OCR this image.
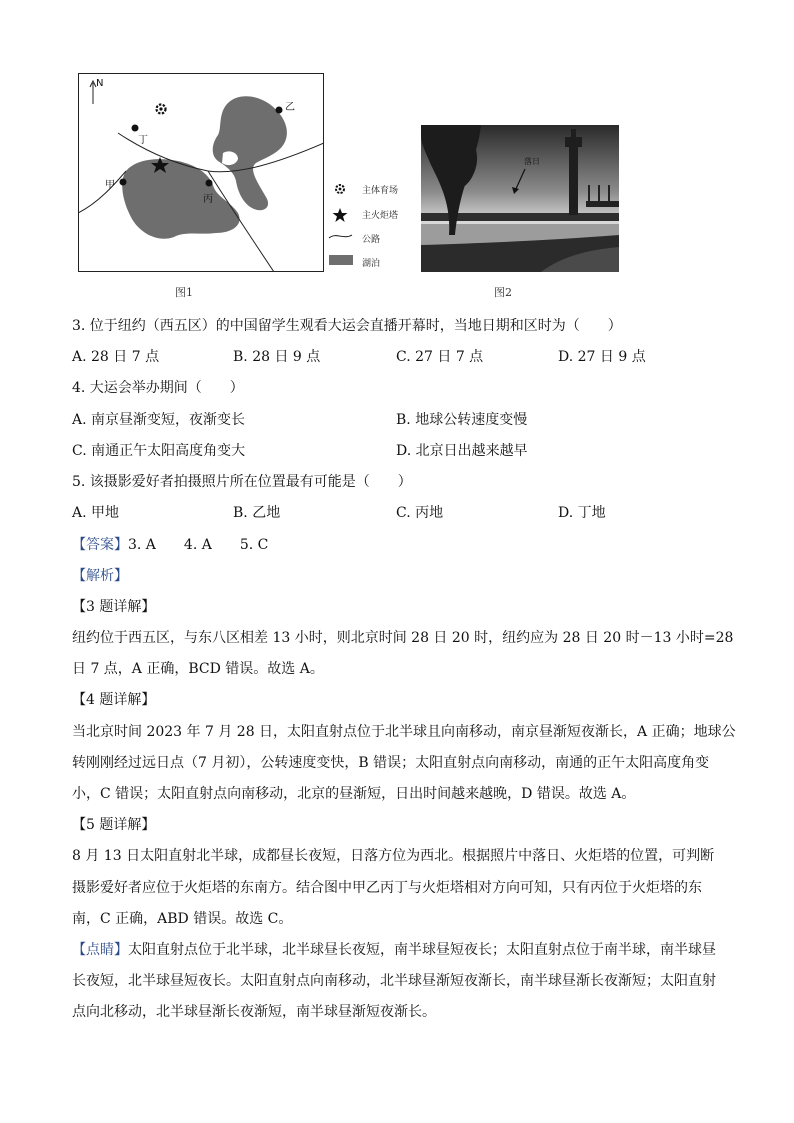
N
丁
乙
甲
丙
主体育场
主火炬塔
公路
湖泊
图1
落日
图2
3. 位于纽约（西五区）的中国留学生观看大运会直播开幕时，当地日期和区时为（　　）
A. 28 日 7 点	B. 28 日 9 点	C. 27 日 7 点	D. 27 日 9 点
4. 大运会举办期间（　　）
A. 南京昼渐变短，夜渐变长	B. 地球公转速度变慢
C. 南通正午太阳高度角变大	D. 北京日出越来越早
5. 该摄影爱好者拍摄照片所在位置最有可能是（　　）
A. 甲地	B. 乙地	C. 丙地	D. 丁地
【答案】3. A　　4. A　　5. C
【解析】
【3 题详解】
纽约位于西五区，与东八区相差 13 小时，则北京时间 28 日 20 时，纽约应为 28 日 20 时－13 小时=28
日 7 点，A 正确，BCD 错误。故选 A。
【4 题详解】
当北京时间 2023 年 7 月 28 日，太阳直射点位于北半球且向南移动，南京昼渐短夜渐长，A 正确；地球公
转刚刚经过远日点（7 月初），公转速度变快，B 错误；太阳直射点向南移动，南通的正午太阳高度角变
小，C 错误；太阳直射点向南移动，北京的昼渐短，日出时间越来越晚，D 错误。故选 A。
【5 题详解】
8 月 13 日太阳直射北半球，成都昼长夜短，日落方位为西北。根据照片中落日、火炬塔的位置，可判断
摄影爱好者应位于火炬塔的东南方。结合图中甲乙丙丁与火炬塔相对方向可知，只有丙位于火炬塔的东
南，C 正确，ABD 错误。故选 C。
【点睛】太阳直射点位于北半球，北半球昼长夜短，南半球昼短夜长；太阳直射点位于南半球，南半球昼
长夜短，北半球昼短夜长。太阳直射点向南移动，北半球昼渐短夜渐长，南半球昼渐长夜渐短；太阳直射
点向北移动，北半球昼渐长夜渐短，南半球昼渐短夜渐长。
